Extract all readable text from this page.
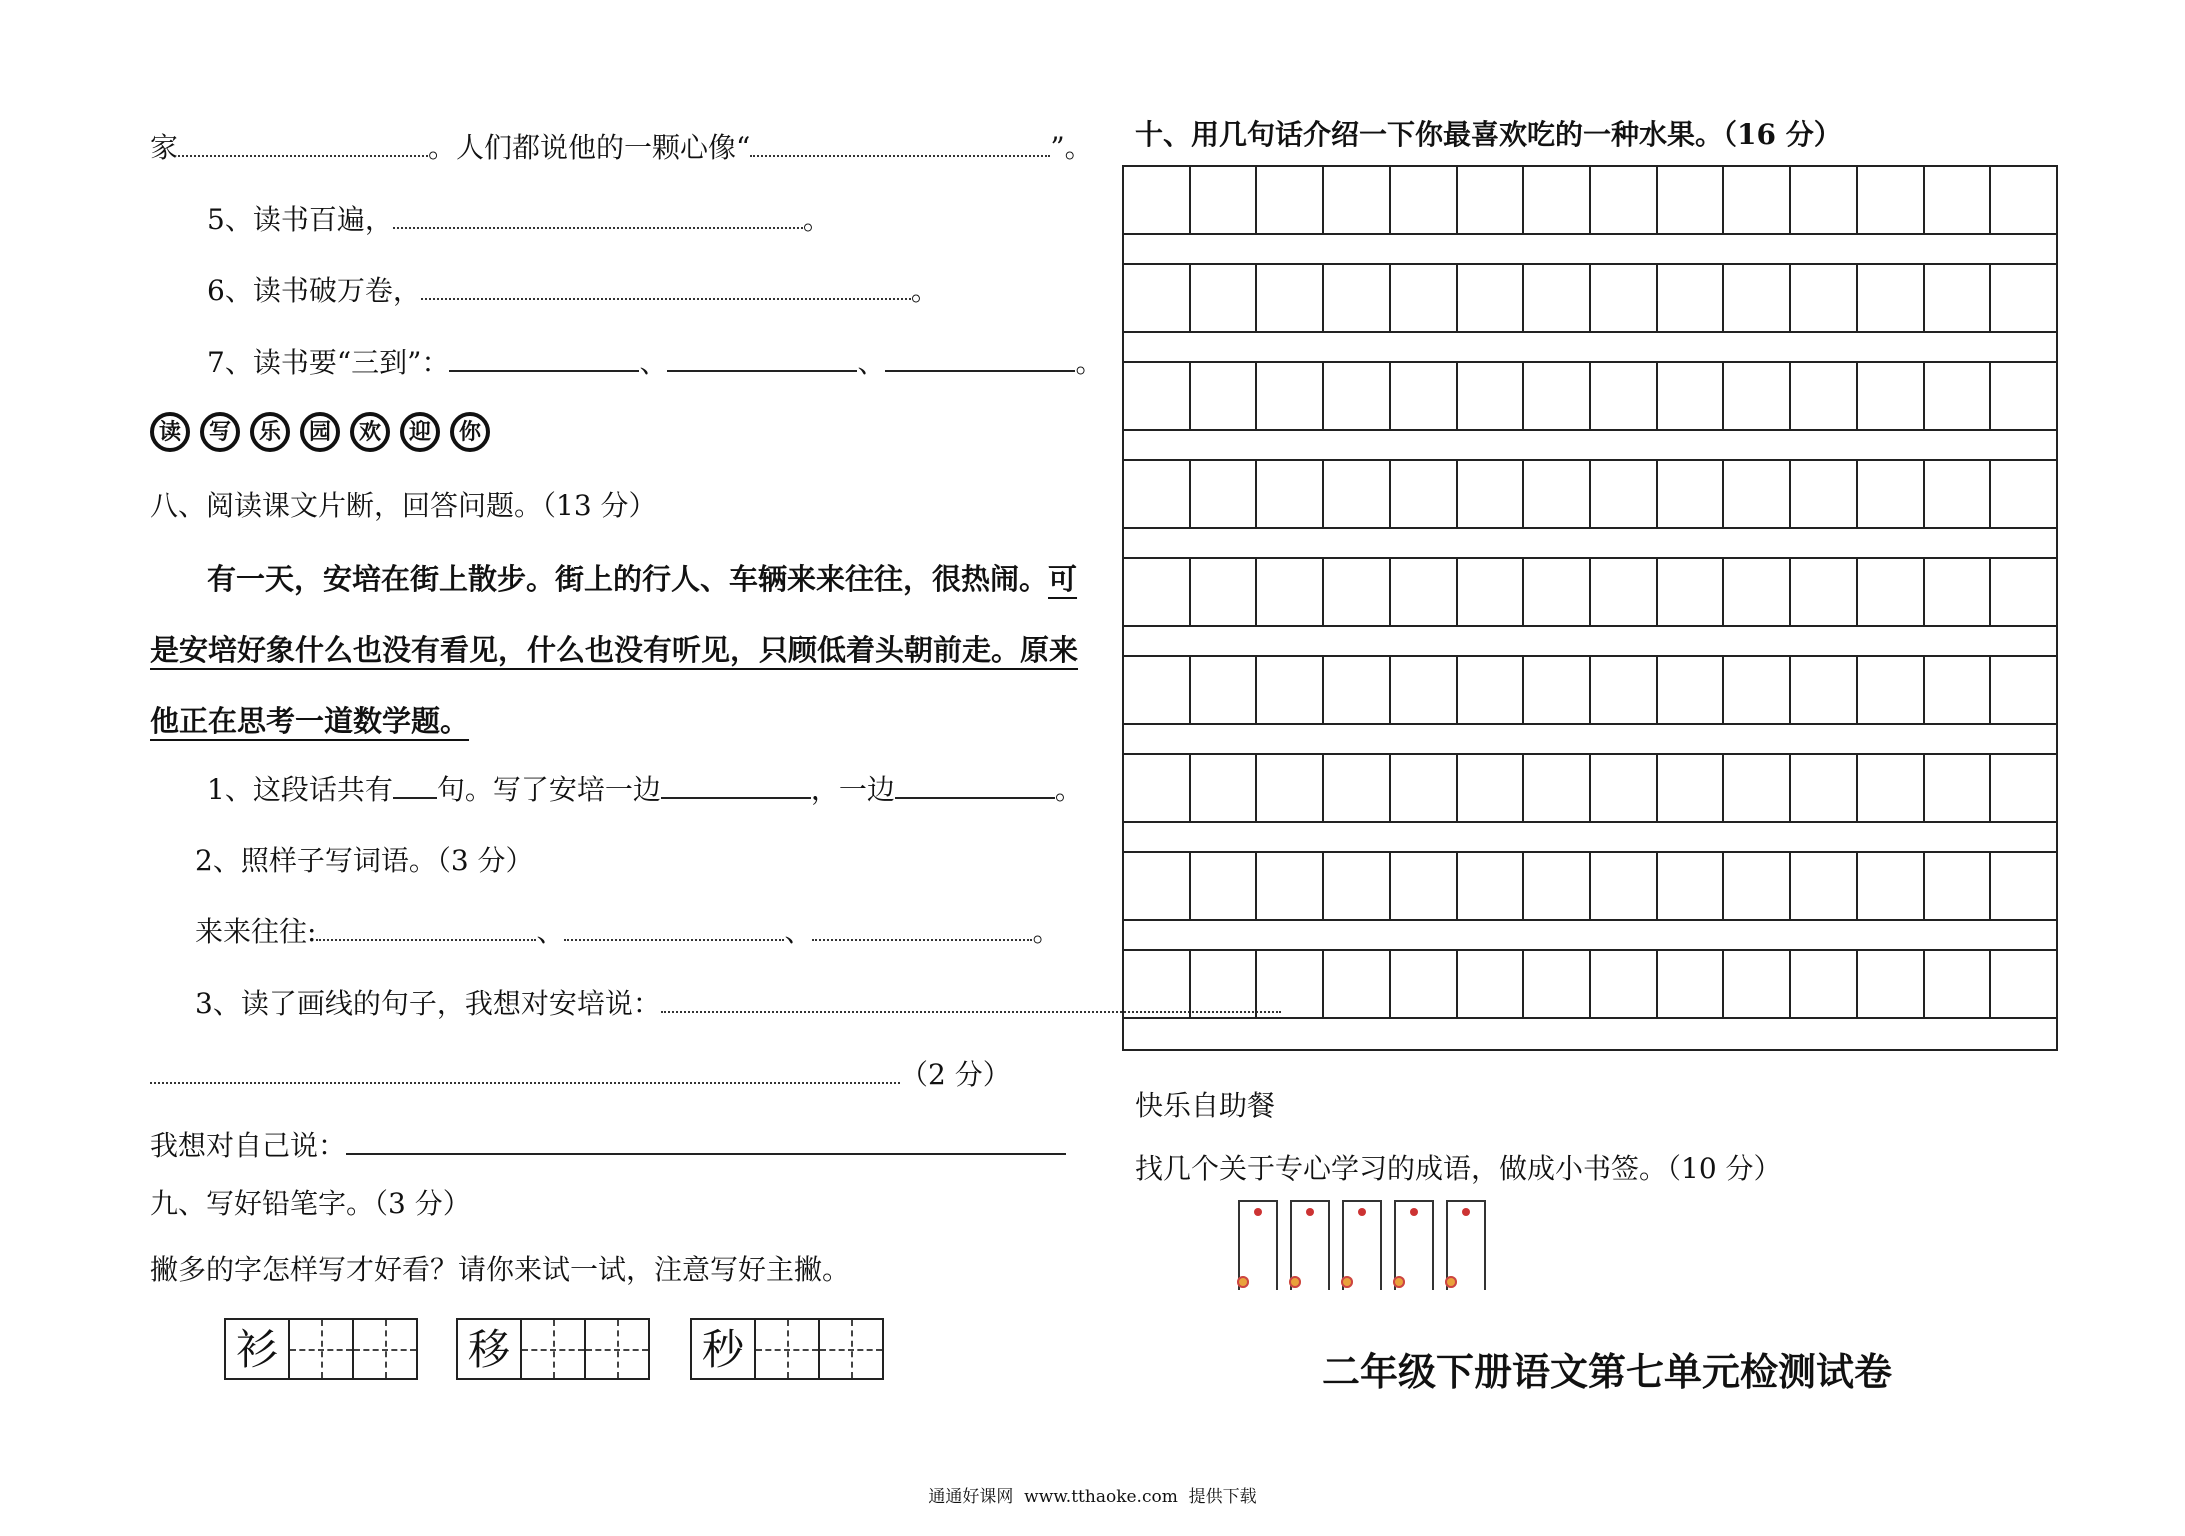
家	。人们都说他的一颗心像“	”。
5、读书百遍，	。
6、读书破万卷，	。
7、读书要“三到”：	、	、	。
读	写	乐	园	欢	迎	你
八、阅读课文片断，回答问题。（13 分）
有一天，安培在街上散步。街上的行人、车辆来来往往，很热闹。可
是安培好象什么也没有看见，什么也没有听见，只顾低着头朝前走。原来
他正在思考一道数学题。
1、这段话共有 句。写了安培一边	，一边	。
2、照样子写词语。（3 分）
来来往往:	、	、	。
3、读了画线的句子，我想对安培说：
（2 分）
我想对自己说：
九、写好铅笔字。（3 分）
撇多的字怎样写才好看？请你来试一试，注意写好主撇。
衫	移	秒
十、用几句话介绍一下你最喜欢吃的一种水果。（16 分）
快乐自助餐
找几个关于专心学习的成语，做成小书签。（10 分）
二年级下册语文第七单元检测试卷
通通好课网  www.tthaoke.com  提供下载
